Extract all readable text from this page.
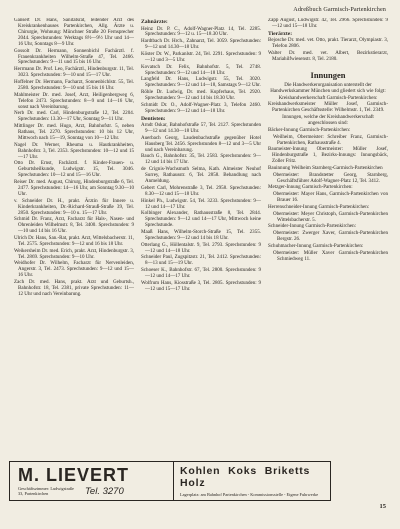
Adreßbuch Garmisch-Partenkirchen

Gansert Dr. Hans, Sanitätsrat, leitender Arzt des Kreiskrankenhauses Partenkirchen, Allg. Ärzte u. Chirurgie, Wohnung: Münchner Straße 20 Fernsprecher 2044. Sprechstunden: Werktags 8½—9½ Uhr und 14—16 Uhr, Sonntags 8—9 Uhr.

Gossolt Dr. Hermann, Sonnenbichl Fachärztl. f. Frauenkrankheiten Wilhelm-Straße 47, Tel. 2466. Sprechstunden: 9—11 und 15 bis 16 Uhr.

Herrmann Dr. Prof. Leo, Fachärztl., Hindenburgstr. 11, Tel. 3023. Sprechstunden: 9—10 und 15—17 Uhr.

Hoffelner Dr. Hermann, Facharzt, Sonnenbichlstr. 55, Tel. 2580. Sprechstunden: 9—10 und 15 bis 16 Uhr.

Mahlmeister Dr. med. Josef, Arzt, Heiligenbergweg 6, Telefon 2473. Sprechstunden: 8—9 und 14—16 Uhr, sonst nach Vereinbarung.

Nerb Dr. med. Carl, Hindenburgstraße 12, Tel. 2204. Sprechstunden: 13.30—17 Uhr, Sonntag 9—11 Uhr.

Mittlinger Dr. med. Hugo, Arzt, Bahnhofstr. 5, neben Rathaus, Tel. 2270. Sprechstunden: 10 bis 12 Uhr, Mittwoch nach 15—19, Sonntag von 10—12 Uhr.

Nagel Dr. Werner, Rheuma u. Hautkrankheiten, Bahnhofstr. 3, Tel. 2353. Sprechstunden: 10—12 und 15—17 Uhr.

Otto Dr. Ernst, Fachärztl. f. Kinder-Frauen- u. Geburtsheilkunde, Ludwigstr. 15, Tel. 3046. Sprechstunden: 10—12 und 15—16 Uhr.

Reiser Dr. med. August, Chirurg, Hindenburgstraße 6, Tel. 2477. Sprechstunden: 14—16 Uhr, am Sonntag 9.30—10 Uhr.

v. Schneider Dr. H., prakt. Ärztin für Innere u. Kinderkrankheiten, Dr.-Richard-Strauß-Straße 39, Tel. 2850. Sprechstunden: 9—10 u. 15—17 Uhr.

Schmid Dr. Franz, Arzt, Facharzt für Hals-, Nasen- und Ohrenleiden Wilhelmstr. 8, Tel. 3400. Sprechstunden: 9—10 und 14 bis 16 Uhr.

Ulrich Dr. Hans, San.-Rat, prakt. Arzt, Wittelsbacherstr. 11, Tel. 2575. Sprechstunden: 9—12 und 16 bis 18 Uhr.

Weikersheim Dr. med. Erich, prakt. Arzt, Hindenburgstr. 3, Tel. 2869. Sprechstunden: 9—10 Uhr.

Weidhofer Dr. Wilhelm, Facharzt für Nervenleiden, Angerstr. 3, Tel. 2473. Sprechstunden: 9—12 und 15—16 Uhr.

Zach Dr. med. Hans, prakt. Arzt und Geburtsh., Bahnhofstr. 18, Tel. 2381, private Sprechstunden: 11—12 Uhr und nach Vereinbarung.

Zahnärzte:

Heinz Dr. P. C., Adolf-Wagner-Platz 14, Tel. 2285. Sprechstunden: 9—12 u. 15—18.30 Uhr.

Hardtbach Dr. Hrch., Zahnarzt, Tel. 3059. Sprechstunden: 9—12 und 14.30—18 Uhr.

Köster Dr. W., Parkanlstr. 24, Tel. 2291. Sprechstunden: 9—12 und 3—5 Uhr.

Kovatsch Dr. Felix, Bahnhofstr. 5, Tel. 2748. Sprechstunden: 9—12 und 14—18 Uhr.

Langfeld Dr. Hans, Ludwigstr. 55, Tel. 3020. Sprechstunden: 9—12 und 14—18, Samstags 9—12 Uhr.

Röhle Dr. Ludwig, Dr. med. Kupferhaus, Tel. 2920. Sprechstunden: 9—12 und 14 bis 18.30 Uhr.

Schmidt Dr. O., Adolf-Wagner-Platz 3, Telefon 2460. Sprechstunden: 9—12 und 14—18 Uhr.

Dentisten:

Arndt Oskar, Bahnhofstraße 57, Tel. 2127. Sprechstunden 9—12 und 14.30—18 Uhr.

Auerbach Georg, Laudenbachstraße gegenüber Hotel Hausberg Tel. 2456. Sprechstunden 8—12 und 3—5 Uhr und nach Vereinbarung.

Bauch G., Bahnhofstr. 35, Tel. 2583. Sprechstunden: 9—12 und 14 bis 17 Uhr.

de Crignis-Wachsmuth Selma, Kath. Almeister Neuhof Surrey, Rathausstr. 6, Tel. 2858. Behandlung nach Anmeldung.

Gebert Carl, Mohrenstraße 3, Tel. 2958. Sprechstunden: 8.30—12 und 15—18 Uhr.

Hinkel Ph., Ludwigstr. 54, Tel. 3233. Sprechstunden: 9—12 und 14—17 Uhr.

Kolbinger Alexander, Rathausstraße 8, Tel. 2844. Sprechstunden: 9—12 und 14—17 Uhr, Mittwoch keine Sprechstunde.

Maaß Hans, Wilhelm-Storch-Straße 15, Tel. 2355. Sprechstunden: 9—12 und 14 bis 18 Uhr.

Otterlang G., Höllentalstr. 9, Tel. 2793. Sprechstunden: 9—12 und 14—18 Uhr.

Schneider Paul, Zugspitzstr. 21, Tel. 2412. Sprechstunden: 8—13 und 15—19 Uhr.

Schoeser K., Bahnhofstr. 67, Tel. 2800. Sprechstunden: 9—12 und 14—17 Uhr.

Wolfrum Hans, Kiosstraße 3, Tel. 2805. Sprechstunden: 9—12 und 15—17 Uhr.

Zapp August, Ludwigstr. 42, Tel. 2966. Sprechstunden: 9—12 und 15—18 Uhr.

Tierärzte:

Bejosche Dr. med. vet. Otto, prakt. Tierarzt, Olympiastr. 3, Telefon 2806.

Walter Dr. med. vet. Albert, Bezirkstierarzt, Mariahilfwiesenstr. 8, Tel. 2180.

Innungen

Die Handwerkerorganisation unterstellt der Handwerkskammer München und gliedert sich wie folgt:

Kreishandwerkerschaft Garmisch-Partenkirchen:

Kreishandwerksmeister Müller Josef, Garmisch-Partenkirchen Geschäftsstelle: Wilhelmstr. 1, Tel. 2349.

Innungen, welche der Kreishandwerkerschaft angeschlossen sind:

Bäcker-Innung Garmisch-Partenkirchen:

Weilheim, Obermeister: Schreiber Franz, Garmisch-Partenkirchen, Rathausstraße 4.

Baumeister-Innung Obermeister: Müller Josef, Hindenburgstraße 1, Bezirks-Innungs: Innungsbäck, Zoller Fritz.

Bauinnung Weilheim Starnberg-Garmisch-Partenkirchen

Obermeister: Brandstetter Georg, Starnberg, Geschäftsführer Adolf-Wagner-Platz 12, Tel. 3412.

Metzger-Innung Garmisch-Partenkirchen:

Obermeister: Mayer Hans, Garmisch-Partenkirchen von Brauer 16.

Herrenschneider-Innung Garmisch-Partenkirchen:

Obermeister: Meyer Christoph, Garmisch-Partenkirchen Wittelsbacherstr. 5.

Schneider-Innung Garmisch-Partenkirchen:

Obermeister: Zwerger Xaver, Garmisch-Partenkirchen Bergstr. 26.

Schuhmacher-Innung Garmisch-Partenkirchen:

Obermeister: Müller Xaver Garmisch-Partenkirchen Schmiedweg 11.

M. LIEVERT
Geschäftszimmer: Ludwigstraße 33, Partenkirchen	Tel. 3270
Kohlen Koks Briketts Holz
Lagerplatz: am Bahnhof Partenkirchen - Kommissionsstelle - Eigene Fuhrwerke
15
